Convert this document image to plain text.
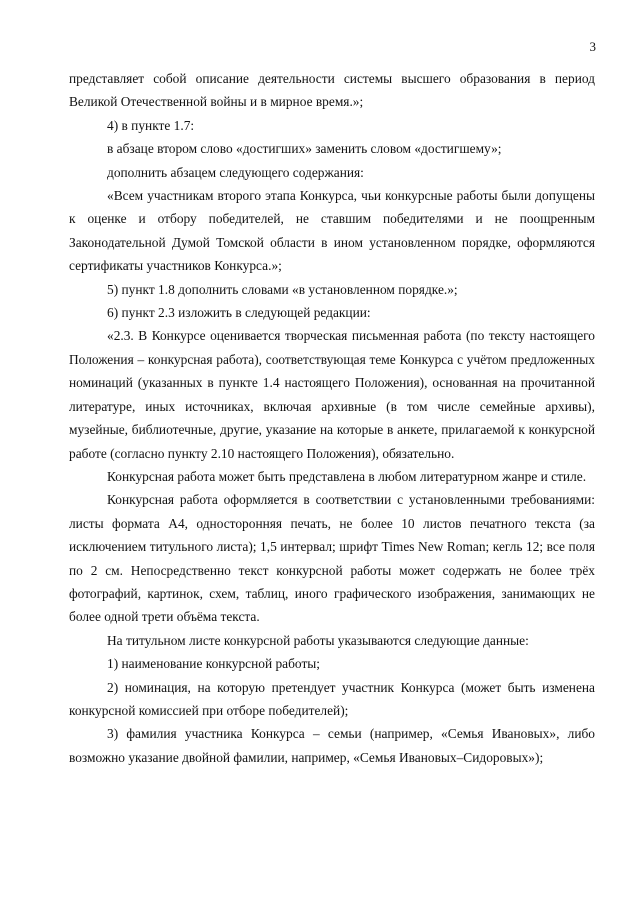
3

представляет собой описание деятельности системы высшего образования в период Великой Отечественной войны и в мирное время.»;

4) в пункте 1.7:

в абзаце втором слово «достигших» заменить словом «достигшему»;

дополнить абзацем следующего содержания:

«Всем участникам второго этапа Конкурса, чьи конкурсные работы были допущены к оценке и отбору победителей, не ставшим победителями и не поощренным Законодательной Думой Томской области в ином установленном порядке, оформляются сертификаты участников Конкурса.»;

5) пункт 1.8 дополнить словами «в установленном порядке.»;

6) пункт 2.3 изложить в следующей редакции:

«2.3. В Конкурсе оценивается творческая письменная работа (по тексту настоящего Положения – конкурсная работа), соответствующая теме Конкурса с учётом предложенных номинаций (указанных в пункте 1.4 настоящего Положения), основанная на прочитанной литературе, иных источниках, включая архивные (в том числе семейные архивы), музейные, библиотечные, другие, указание на которые в анкете, прилагаемой к конкурсной работе (согласно пункту 2.10 настоящего Положения), обязательно.

Конкурсная работа может быть представлена в любом литературном жанре и стиле.

Конкурсная работа оформляется в соответствии с установленными требованиями: листы формата А4, односторонняя печать, не более 10 листов печатного текста (за исключением титульного листа); 1,5 интервал; шрифт Times New Roman; кегль 12; все поля по 2 см. Непосредственно текст конкурсной работы может содержать не более трёх фотографий, картинок, схем, таблиц, иного графического изображения, занимающих не более одной трети объёма текста.

На титульном листе конкурсной работы указываются следующие данные:

1) наименование конкурсной работы;

2) номинация, на которую претендует участник Конкурса (может быть изменена конкурсной комиссией при отборе победителей);

3) фамилия участника Конкурса – семьи (например, «Семья Ивановых», либо возможно указание двойной фамилии, например, «Семья Ивановых–Сидоровых»);
